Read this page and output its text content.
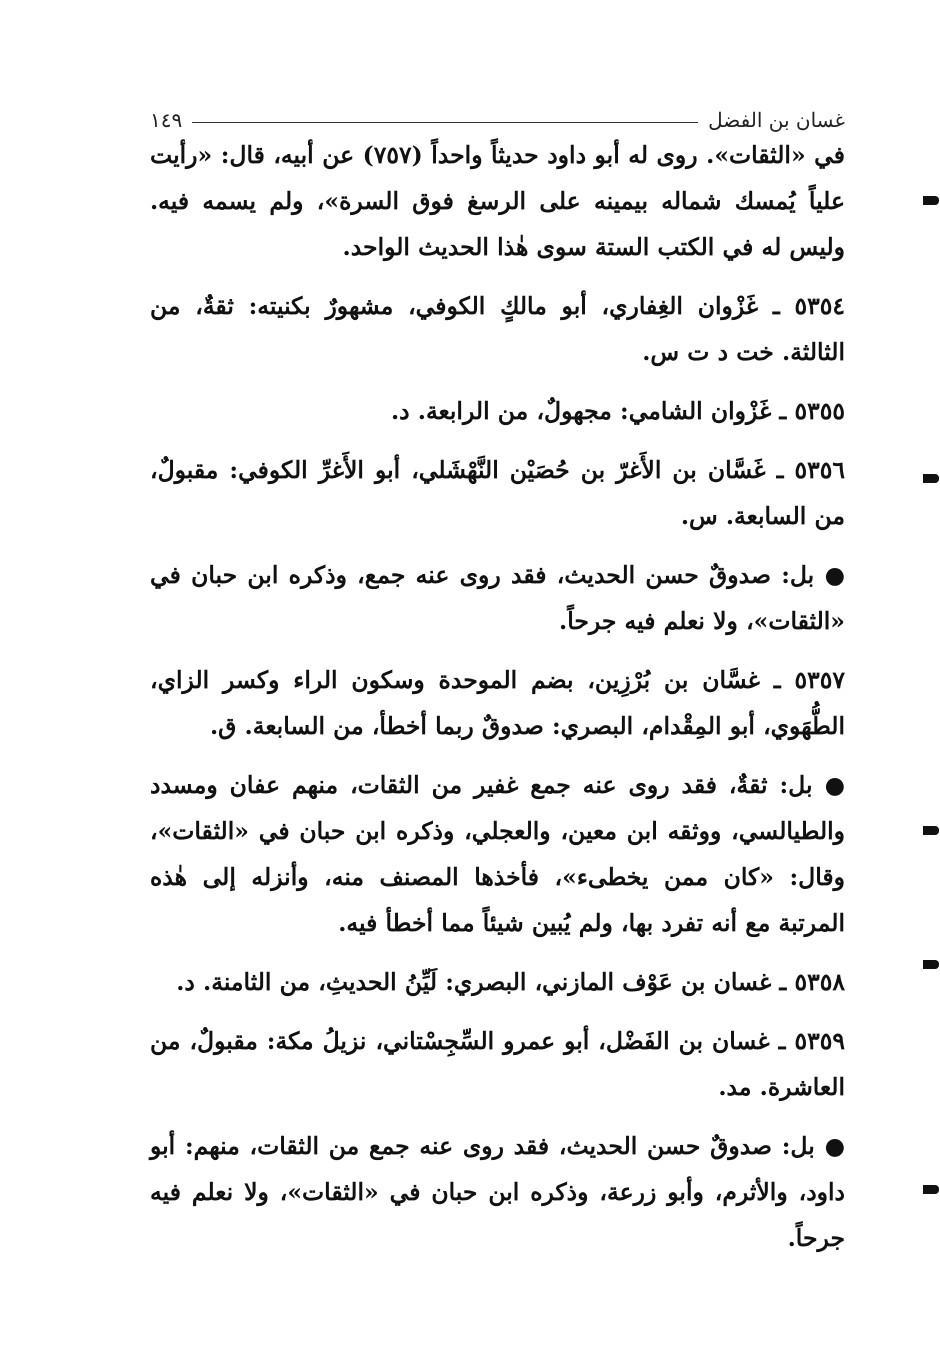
غسان بن الفضل
١٤٩

في «الثقات». روى له أبو داود حديثاً واحداً (٧٥٧) عن أبيه، قال: «رأيت علياً يُمسك شماله بيمينه على الرسغ فوق السرة»، ولم يسمه فيه. وليس له في الكتب الستة سوى هٰذا الحديث الواحد.

٥٣٥٤ ـ غَزْوان الغِفاري، أبو مالكٍ الكوفي، مشهورٌ بكنيته: ثقةٌ، من الثالثة. خت د ت س.

٥٣٥٥ ـ غَزْوان الشامي: مجهولٌ، من الرابعة. د.

٥٣٥٦ ـ غَسَّان بن الأَغرّ بن حُصَيْن النَّهْشَلي، أبو الأَغرِّ الكوفي: مقبولٌ، من السابعة. س.

● بل: صدوقٌ حسن الحديث، فقد روى عنه جمع، وذكره ابن حبان في «الثقات»، ولا نعلم فيه جرحاً.

٥٣٥٧ ـ غسَّان بن بُرْزِين، بضم الموحدة وسكون الراء وكسر الزاي، الطُّهَوي، أبو المِقْدام، البصري: صدوقٌ ربما أخطأ، من السابعة. ق.

● بل: ثقةٌ، فقد روى عنه جمع غفير من الثقات، منهم عفان ومسدد والطيالسي، ووثقه ابن معين، والعجلي، وذكره ابن حبان في «الثقات»، وقال: «كان ممن يخطىء»، فأخذها المصنف منه، وأنزله إلى هٰذه المرتبة مع أنه تفرد بها، ولم يُبين شيئاً مما أخطأ فيه.

٥٣٥٨ ـ غسان بن عَوْف المازني، البصري: لَيِّنُ الحديثِ، من الثامنة. د.

٥٣٥٩ ـ غسان بن الفَضْل، أبو عمرو السِّجِسْتاني، نزيلُ مكة: مقبولٌ، من العاشرة. مد.

● بل: صدوقٌ حسن الحديث، فقد روى عنه جمع من الثقات، منهم: أبو داود، والأثرم، وأبو زرعة، وذكره ابن حبان في «الثقات»، ولا نعلم فيه جرحاً.
